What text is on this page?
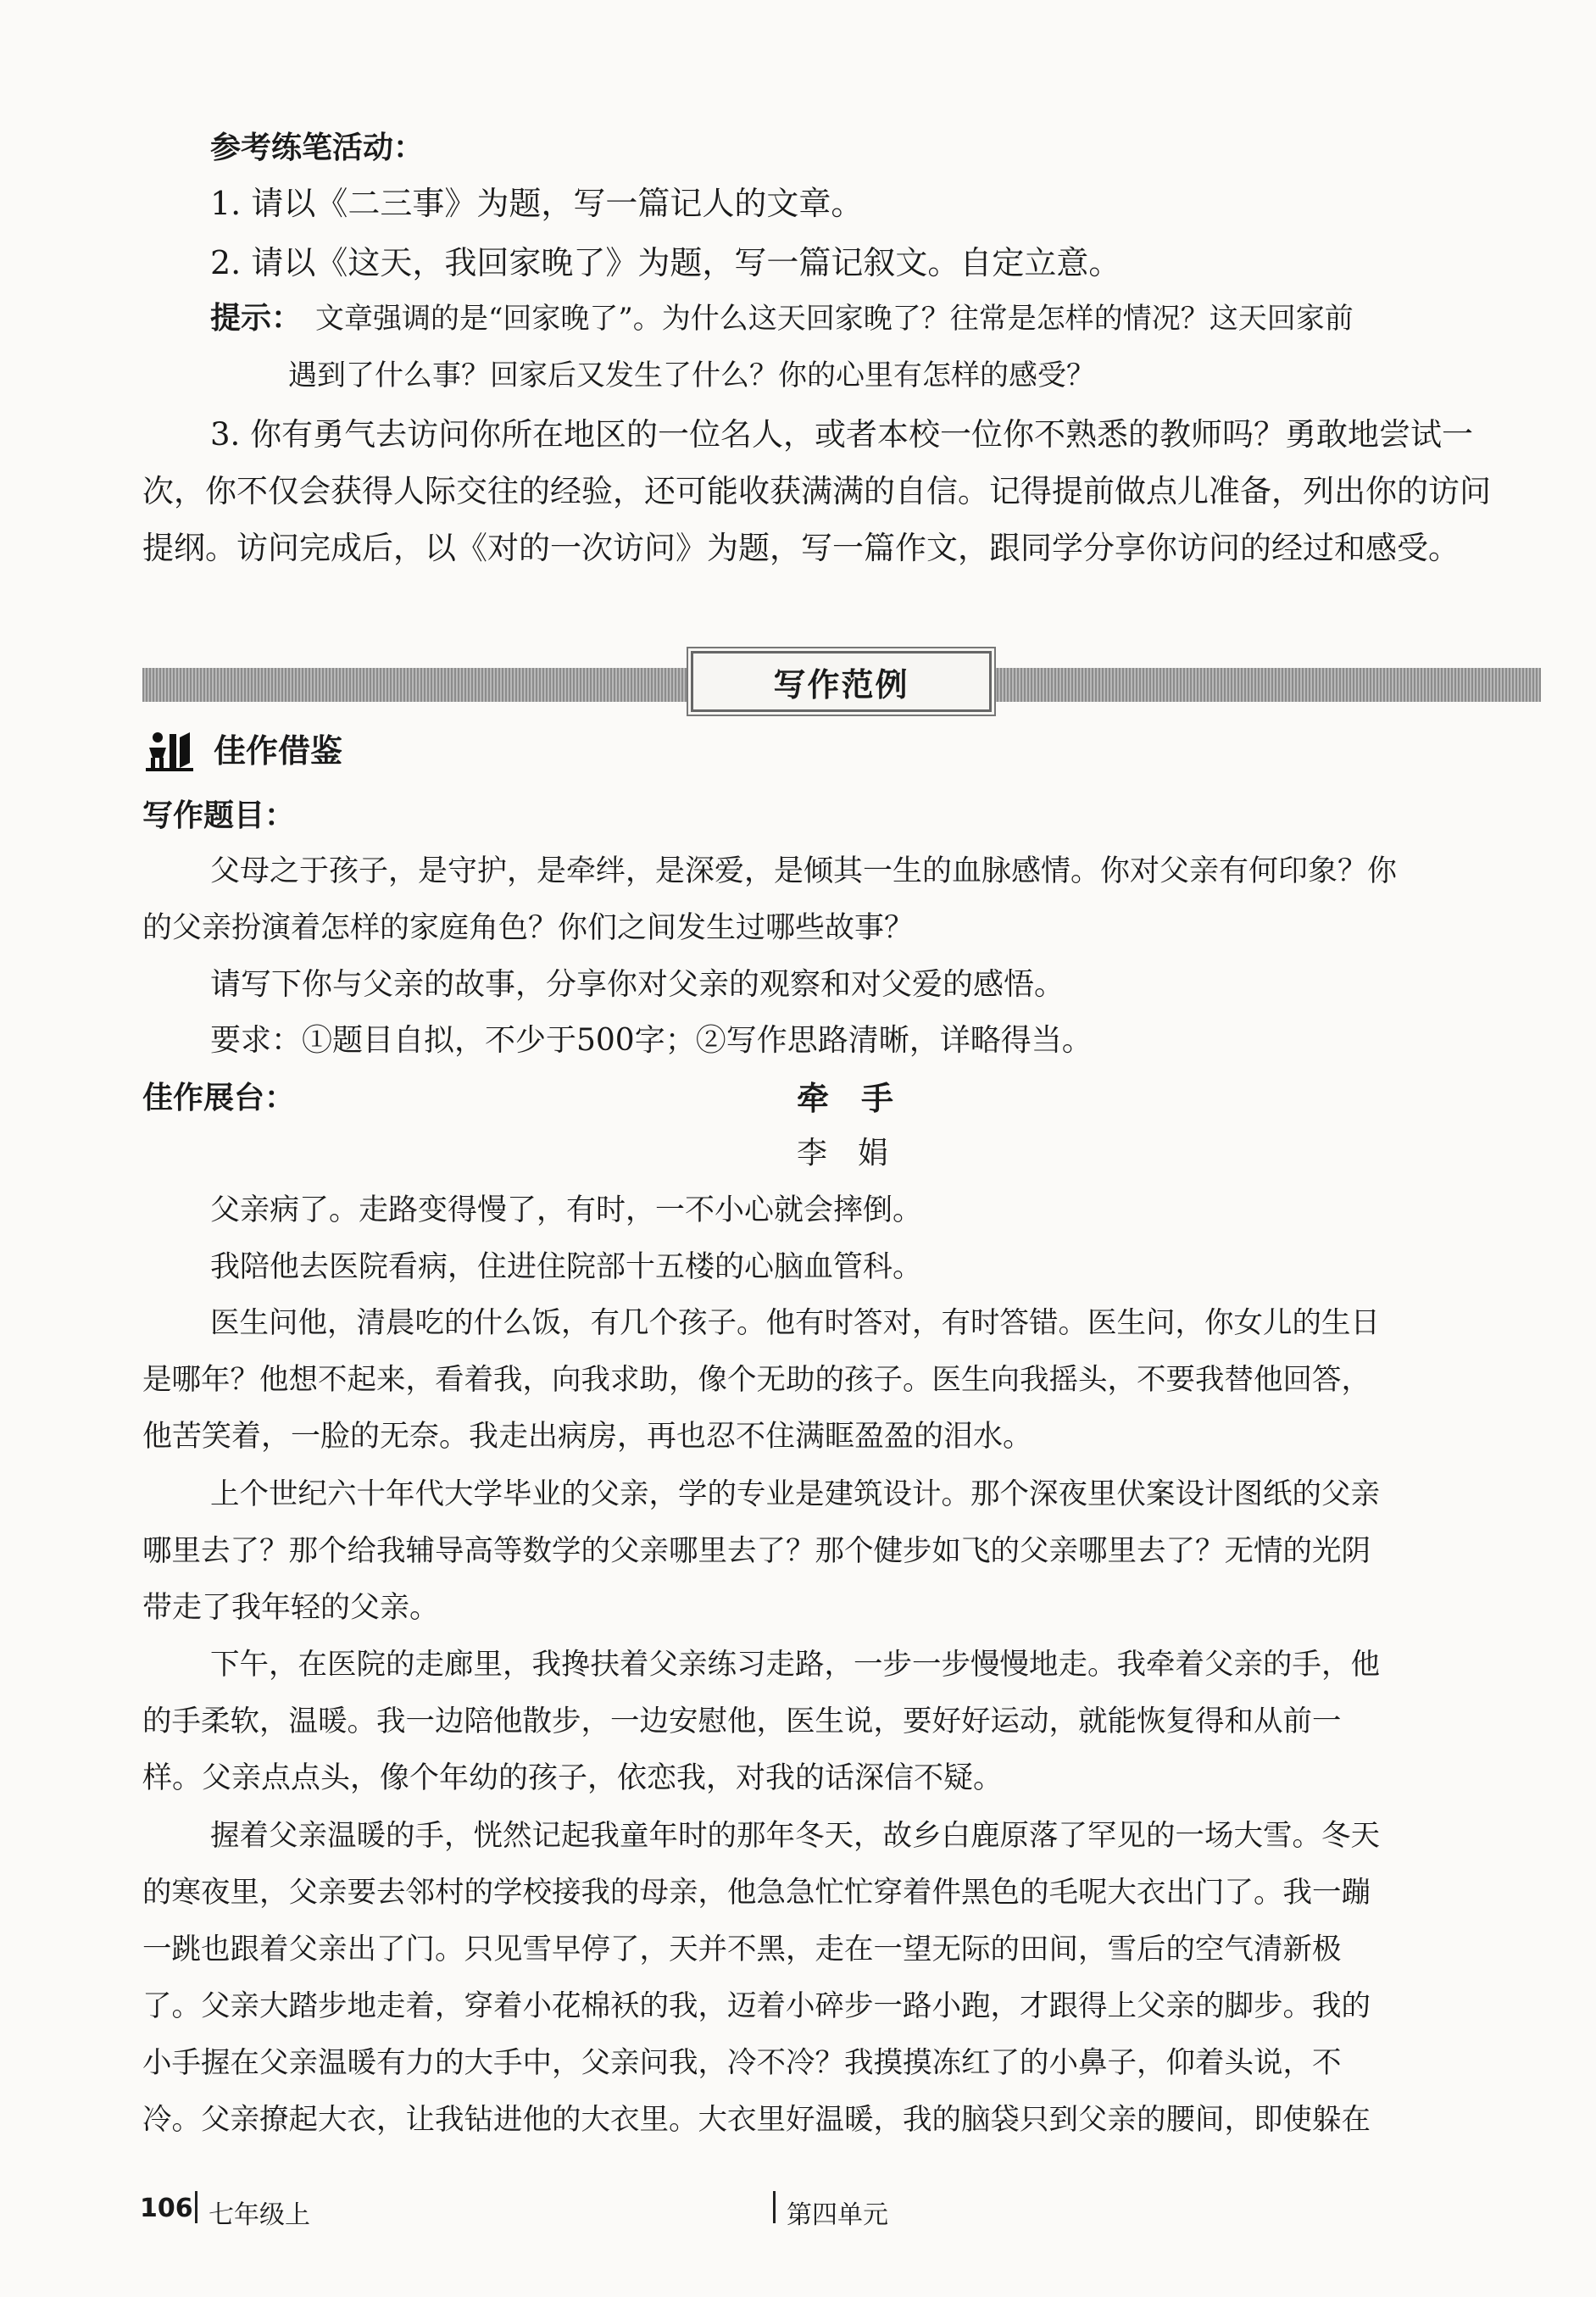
参考练笔活动：
1. 请以《二三事》为题，写一篇记人的文章。
2. 请以《这天，我回家晚了》为题，写一篇记叙文。自定立意。
提示： 文章强调的是“回家晚了”。为什么这天回家晚了？往常是怎样的情况？这天回家前
遇到了什么事？回家后又发生了什么？你的心里有怎样的感受？
3. 你有勇气去访问你所在地区的一位名人，或者本校一位你不熟悉的教师吗？勇敢地尝试一
次，你不仅会获得人际交往的经验，还可能收获满满的自信。记得提前做点儿准备，列出你的访问
提纲。访问完成后，以《对的一次访问》为题，写一篇作文，跟同学分享你访问的经过和感受。
写作范例
佳作借鉴
写作题目：
父母之于孩子，是守护，是牵绊，是深爱，是倾其一生的血脉感情。你对父亲有何印象？你
的父亲扮演着怎样的家庭角色？你们之间发生过哪些故事？
请写下你与父亲的故事，分享你对父亲的观察和对父爱的感悟。
要求：①题目自拟，不少于500字；②写作思路清晰，详略得当。
佳作展台：	牵　手
李　娟
父亲病了。走路变得慢了，有时，一不小心就会摔倒。
我陪他去医院看病，住进住院部十五楼的心脑血管科。
医生问他，清晨吃的什么饭，有几个孩子。他有时答对，有时答错。医生问，你女儿的生日
是哪年？他想不起来，看着我，向我求助，像个无助的孩子。医生向我摇头，不要我替他回答，
他苦笑着，一脸的无奈。我走出病房，再也忍不住满眶盈盈的泪水。
上个世纪六十年代大学毕业的父亲，学的专业是建筑设计。那个深夜里伏案设计图纸的父亲
哪里去了？那个给我辅导高等数学的父亲哪里去了？那个健步如飞的父亲哪里去了？无情的光阴
带走了我年轻的父亲。
下午，在医院的走廊里，我搀扶着父亲练习走路，一步一步慢慢地走。我牵着父亲的手，他
的手柔软，温暖。我一边陪他散步，一边安慰他，医生说，要好好运动，就能恢复得和从前一
样。父亲点点头，像个年幼的孩子，依恋我，对我的话深信不疑。
握着父亲温暖的手，恍然记起我童年时的那年冬天，故乡白鹿原落了罕见的一场大雪。冬天
的寒夜里，父亲要去邻村的学校接我的母亲，他急急忙忙穿着件黑色的毛呢大衣出门了。我一蹦
一跳也跟着父亲出了门。只见雪早停了，天并不黑，走在一望无际的田间，雪后的空气清新极
了。父亲大踏步地走着，穿着小花棉袄的我，迈着小碎步一路小跑，才跟得上父亲的脚步。我的
小手握在父亲温暖有力的大手中，父亲问我，冷不冷？我摸摸冻红了的小鼻子，仰着头说，不
冷。父亲撩起大衣，让我钻进他的大衣里。大衣里好温暖，我的脑袋只到父亲的腰间，即使躲在
106 七年级上	第四单元
